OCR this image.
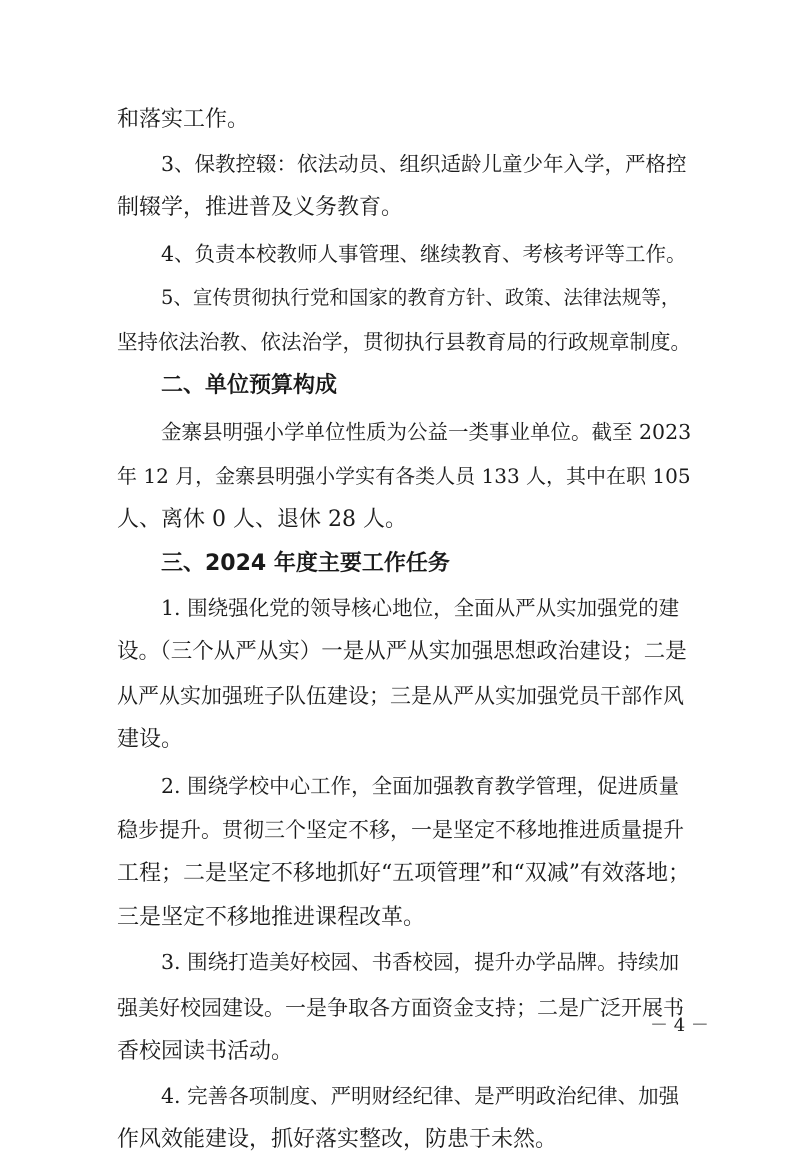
和落实工作。
3、保教控辍：依法动员、组织适龄儿童少年入学，严格控
制辍学，推进普及义务教育。
4、负责本校教师人事管理、继续教育、考核考评等工作。
5、宣传贯彻执行党和国家的教育方针、政策、法律法规等，
坚持依法治教、依法治学，贯彻执行县教育局的行政规章制度。
二、单位预算构成
金寨县明强小学单位性质为公益一类事业单位。截至 2023
年 12 月，金寨县明强小学实有各类人员 133 人，其中在职 105
人、离休 0 人、退休 28 人。
三、2024 年度主要工作任务
1. 围绕强化党的领导核心地位，全面从严从实加强党的建
设。（三个从严从实）一是从严从实加强思想政治建设；二是
从严从实加强班子队伍建设；三是从严从实加强党员干部作风
建设。
2. 围绕学校中心工作，全面加强教育教学管理，促进质量
稳步提升。贯彻三个坚定不移，一是坚定不移地推进质量提升
工程；二是坚定不移地抓好“五项管理”和“双减”有效落地；
三是坚定不移地推进课程改革。
3. 围绕打造美好校园、书香校园，提升办学品牌。持续加
强美好校园建设。一是争取各方面资金支持；二是广泛开展书
香校园读书活动。
4. 完善各项制度、严明财经纪律、是严明政治纪律、加强
作风效能建设，抓好落实整改，防患于未然。
－ 4 －
